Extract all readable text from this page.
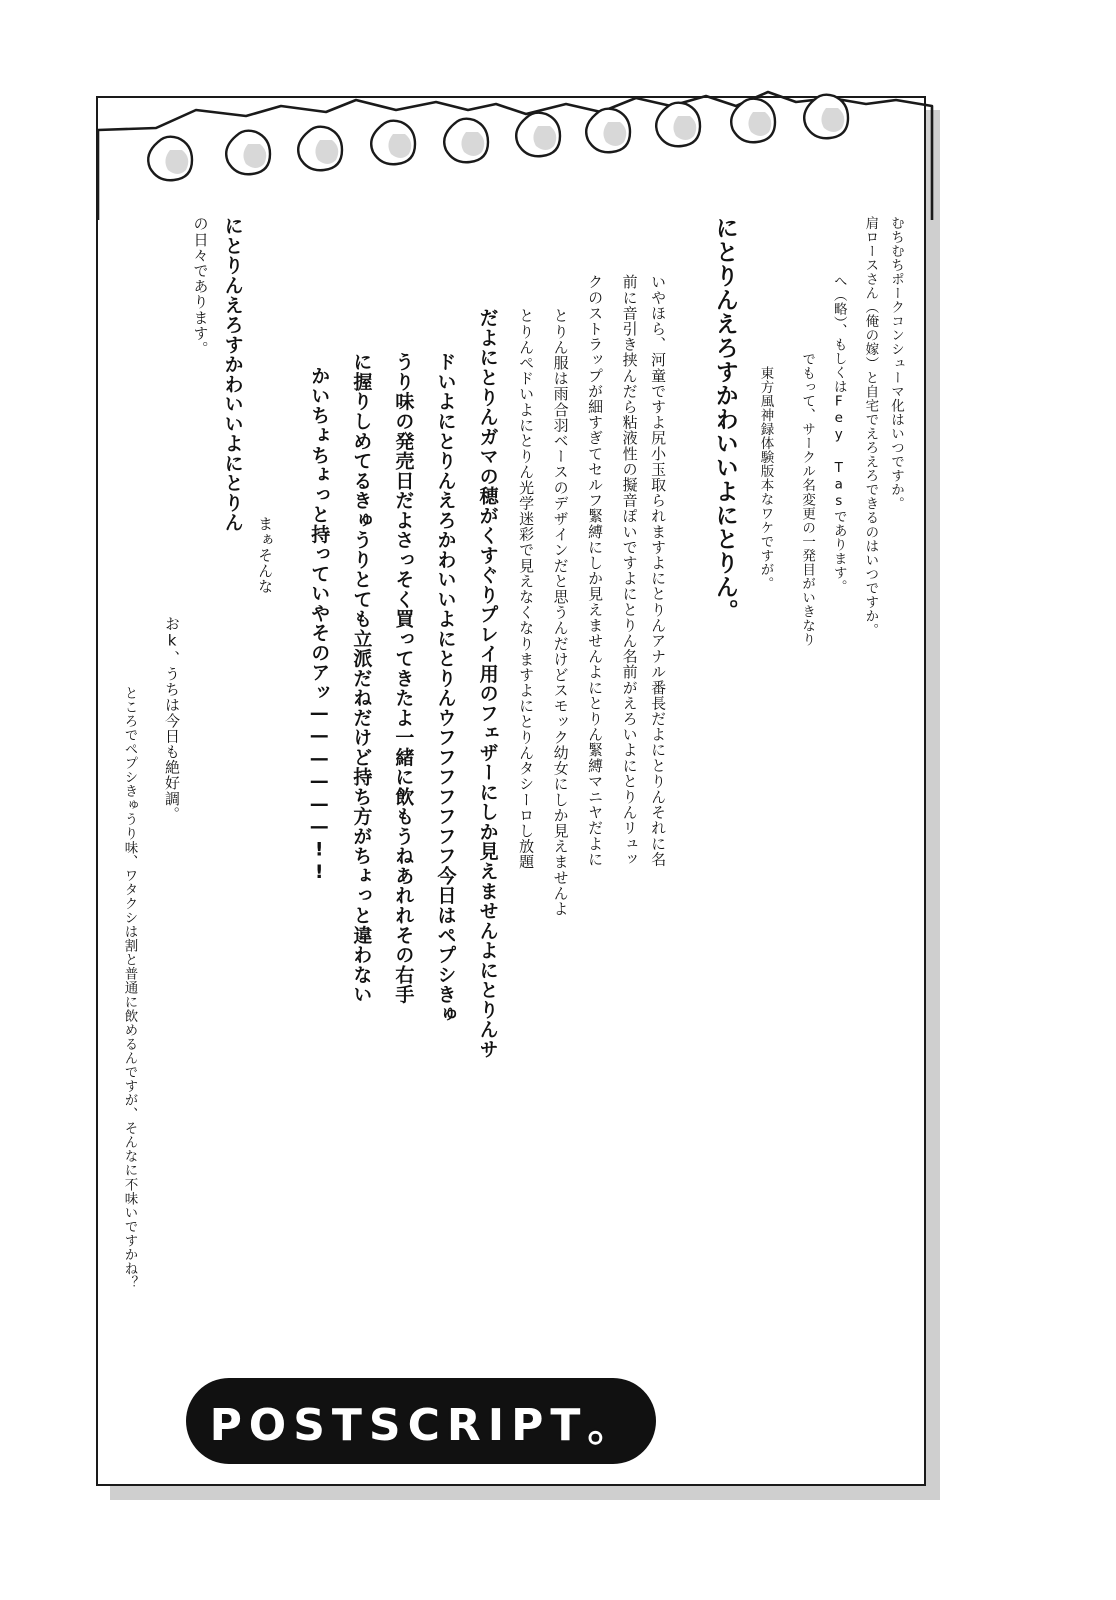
むちむちポークコンシューマ化はいつですか。
肩ロースさん（俺の嫁）と自宅でえろえろできるのはいつですか。
へ（略）、もしくはFey Tasであります。
でもって、サークル名変更の一発目がいきなり
東方風神録体験版本なワケですが。
にとりんえろすかわいいよにとりん。
いやほら、河童ですよ尻小玉取られますよにとりんアナル番長だよにとりんそれに名
前に音引き挟んだら粘液性の擬音ぽいですよにとりん名前がえろいよにとりんリュッ
クのストラップが細すぎてセルフ緊縛にしか見えませんよにとりん緊縛マニヤだよに
とりん服は雨合羽ベースのデザインだと思うんだけどスモック幼女にしか見えませんよ
とりんぺドいよにとりん光学迷彩で見えなくなりますよにとりんタシーロし放題
だよにとりんガマの穂がくすぐりプレイ用のフェザーにしか見えませんよにとりんサ
ドいよにとりんえろかわいいよにとりんウフフフフフフフ今日はペプシきゅ
うり味の発売日だよさっそく買ってきたよ一緒に飲もうねあれれその右手
に握りしめてるきゅうりとても立派だねだけど持ち方がちょっと違わない
かいちょちょっと持っていやそのアッ——————!!
まぁそんな
にとりんえろすかわいいよにとりん
の日々であります。
おk、うちは今日も絶好調。
ところでペプシきゅうり味、ワタクシは割と普通に飲めるんですが、そんなに不味いですかね？
POSTSCRIPT。
